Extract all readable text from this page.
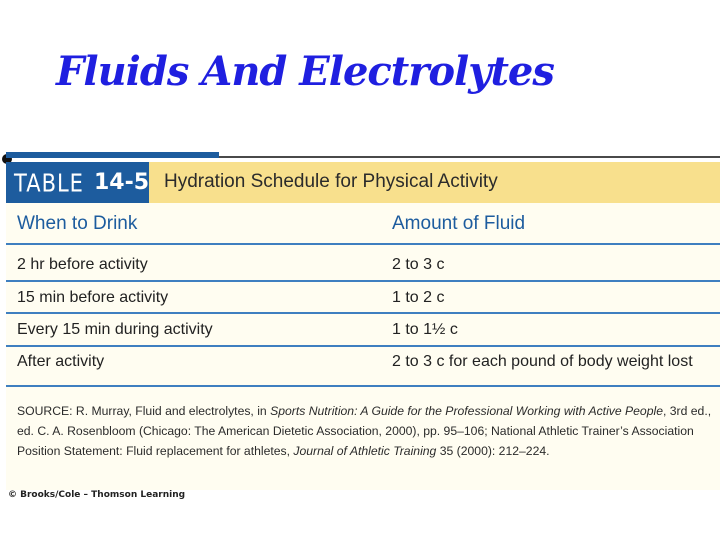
Fluids And Electrolytes
TABLE 14-5 Hydration Schedule for Physical Activity
When to Drink	Amount of Fluid
2 hr before activity	2 to 3 c
15 min before activity	1 to 2 c
Every 15 min during activity	1 to 1½ c
After activity	2 to 3 c for each pound of body weight lost
SOURCE: R. Murray, Fluid and electrolytes, in Sports Nutrition: A Guide for the Professional Working with Active People, 3rd ed., ed. C. A. Rosenbloom (Chicago: The American Dietetic Association, 2000), pp. 95–106; National Athletic Trainer’s Association Position Statement: Fluid replacement for athletes, Journal of Athletic Training 35 (2000): 212–224.
© Brooks/Cole – Thomson Learning
